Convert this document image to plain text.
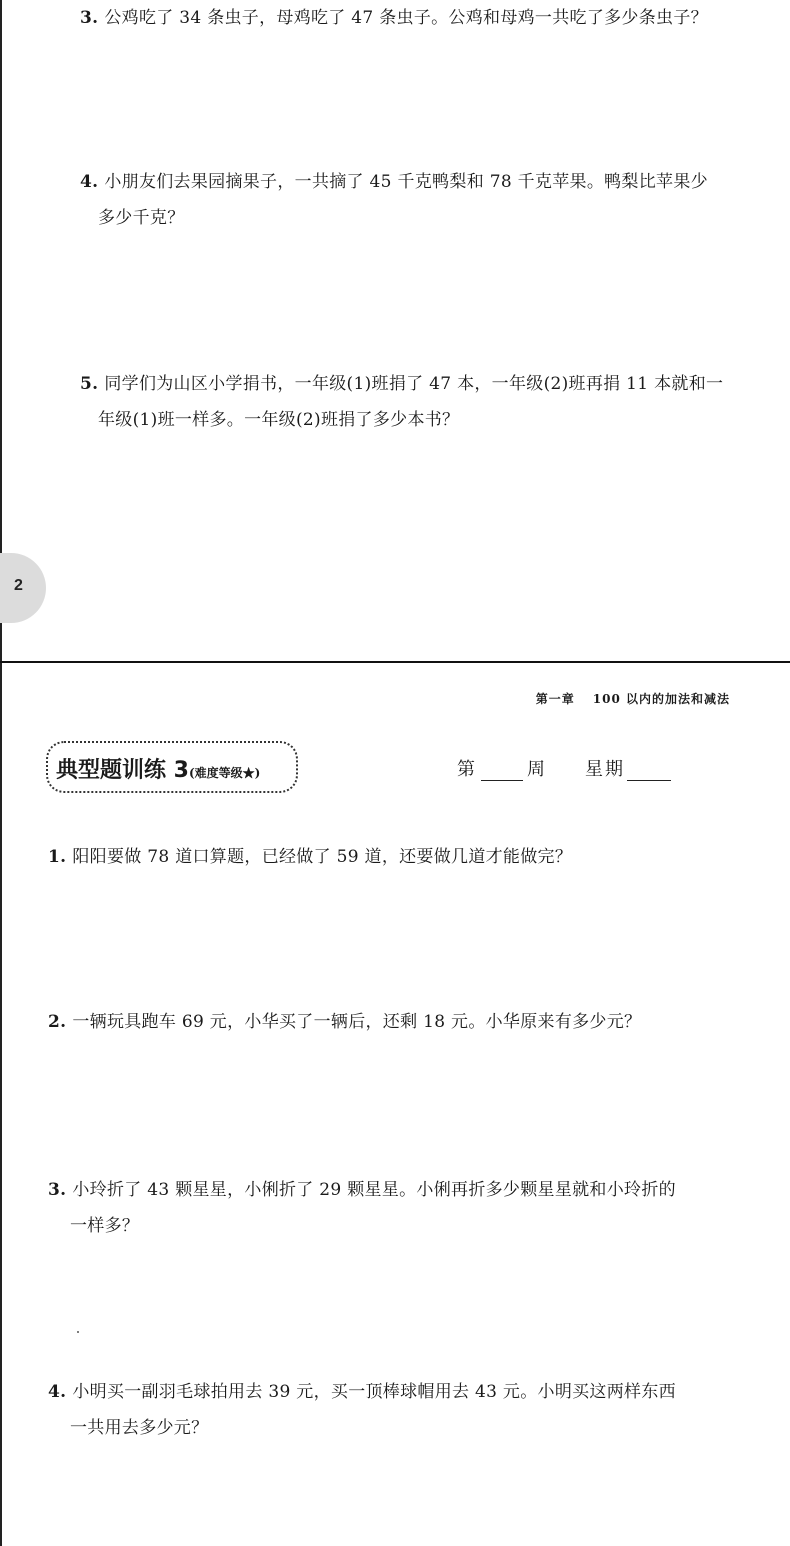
3. 公鸡吃了 34 条虫子，母鸡吃了 47 条虫子。公鸡和母鸡一共吃了多少条虫子？
4. 小朋友们去果园摘果子，一共摘了 45 千克鸭梨和 78 千克苹果。鸭梨比苹果少
多少千克？
5. 同学们为山区小学捐书，一年级(1)班捐了 47 本，一年级(2)班再捐 11 本就和一
年级(1)班一样多。一年级(2)班捐了多少本书？
2
第一章 100 以内的加法和减法
典型题训练 3(难度等级★)	第	周 星期
1. 阳阳要做 78 道口算题，已经做了 59 道，还要做几道才能做完？
2. 一辆玩具跑车 69 元，小华买了一辆后，还剩 18 元。小华原来有多少元？
3. 小玲折了 43 颗星星，小俐折了 29 颗星星。小俐再折多少颗星星就和小玲折的
一样多？
4. 小明买一副羽毛球拍用去 39 元，买一顶棒球帽用去 43 元。小明买这两样东西
一共用去多少元？
